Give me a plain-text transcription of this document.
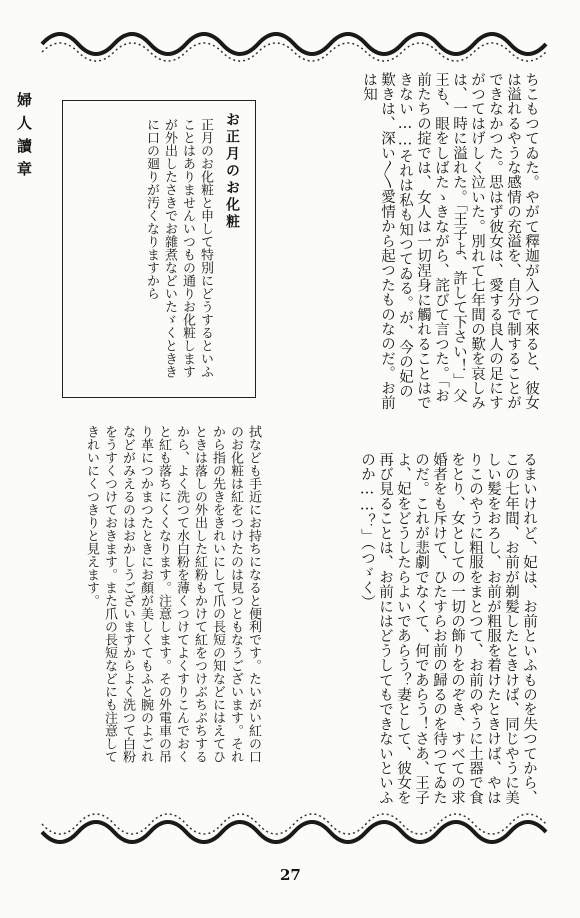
婦人讀章	ちこもつてゐた。やがて釋迦が入つて來ると、彼女は溢れるやうな感情の充溢を、自分で制することができなかつた。思はず彼女は、愛する良人の足にすがつてはげしく泣いた。別れて七年間の歎を哀しみは、一時に溢れた。「王子よ、許して下さい！」父王も、眼をしばたゝきながら、詫びて言つた。「お前たちの掟では、女人は一切涅身に觸れることはできない……それは私も知つてゐる。が、今の妃の歎きは、深い〳〵愛情から起つたものなのだ。お前は知
お正月のお化粧
正月のお化粧と申して特別にどうするといふことはありませんいつもの通りお化粧しますが外出したさきでお雜煮などいたゞくとききに口の廻りが汚くなりますから
るまいけれど、妃は、お前といふものを失つてから、この七年間、お前が剃髪したときけば、同じやうに美しい髪をおろし、お前が粗服を着けたときけば、やはりこのやうに粗服をまとつて、お前のやうに土器で食をとり、女としての一切の飾りをのぞき、すべての求婚者をも斥けて、ひたすらお前の歸るのを待つてゐたのだ。これが悲劇でなくて、何であらう！さあ、王子よ、妃をどうしたらよいであらう？妻として、彼女を再び見ることは、お前にはどうしてもできないといふのか……？」（つゞく）
拭なども手近にお持ちになると便利です。たいがい紅の口のお化粧は紅をつけたのは見つともなうございます。それから指の先きをきれいにして爪の長短の知などにはえてひときは落しの外出した紅粉もかけて紅をつけぶちぶちするから、よく洗つて水白粉を薄くつけてよくすりこんでおくと紅も落ちにくくなります。注意します。その外電車の吊り革につかまつたときにお顏が美しくてもふと腕のよごれなどがみえるのはおかしうございますからよく洗つて白粉をうすくつけておきます。また爪の長短などにも注意してきれいにくつきりと見えます。
27
